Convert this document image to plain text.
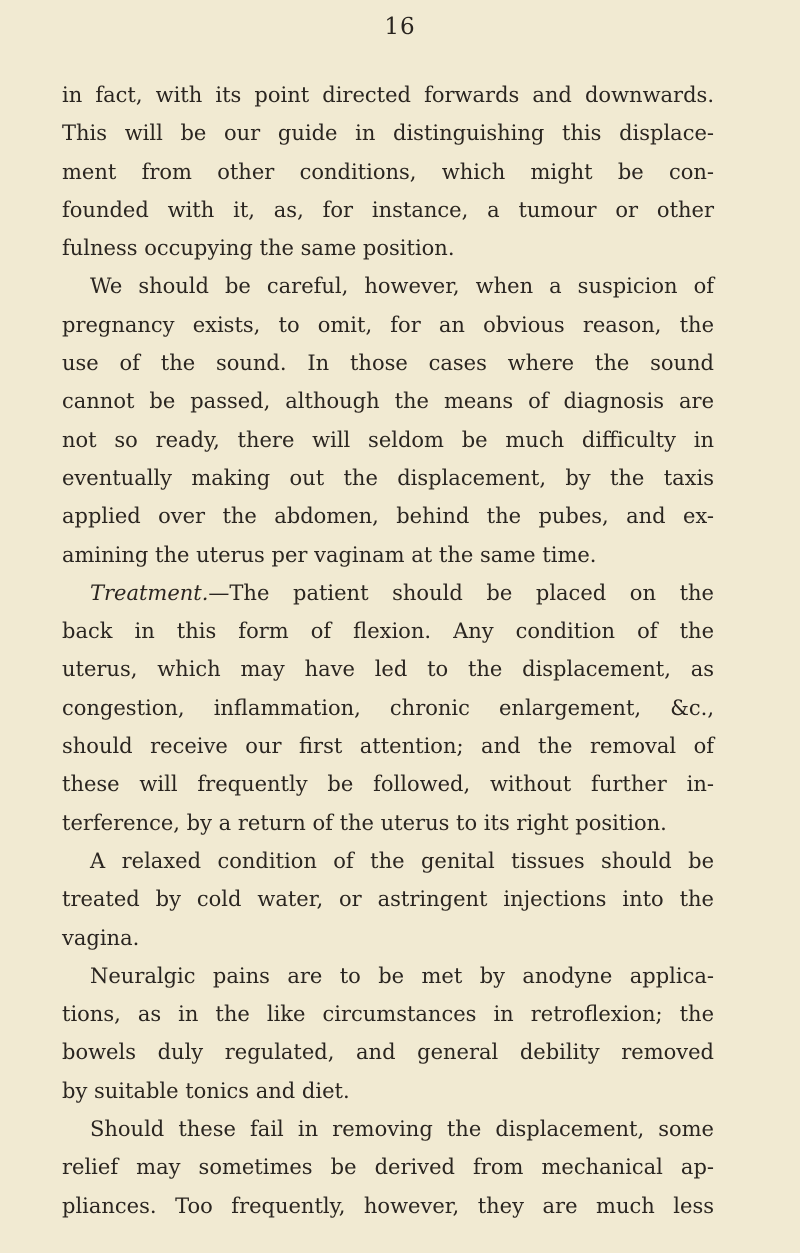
16
in fact, with its point directed forwards and downwards.
This will be our guide in distinguishing this displace-
ment from other conditions, which might be con-
founded with it, as, for instance, a tumour or other
fulness occupying the same position.
We should be careful, however, when a suspicion of
pregnancy exists, to omit, for an obvious reason, the
use of the sound. In those cases where the sound
cannot be passed, although the means of diagnosis are
not so ready, there will seldom be much difficulty in
eventually making out the displacement, by the taxis
applied over the abdomen, behind the pubes, and ex-
amining the uterus per vaginam at the same time.
Treatment.—The patient should be placed on the
back in this form of flexion. Any condition of the
uterus, which may have led to the displacement, as
congestion, inflammation, chronic enlargement, &c.,
should receive our first attention; and the removal of
these will frequently be followed, without further in-
terference, by a return of the uterus to its right position.
A relaxed condition of the genital tissues should be
treated by cold water, or astringent injections into the
vagina.
Neuralgic pains are to be met by anodyne applica-
tions, as in the like circumstances in retroflexion; the
bowels duly regulated, and general debility removed
by suitable tonics and diet.
Should these fail in removing the displacement, some
relief may sometimes be derived from mechanical ap-
pliances. Too frequently, however, they are much less
